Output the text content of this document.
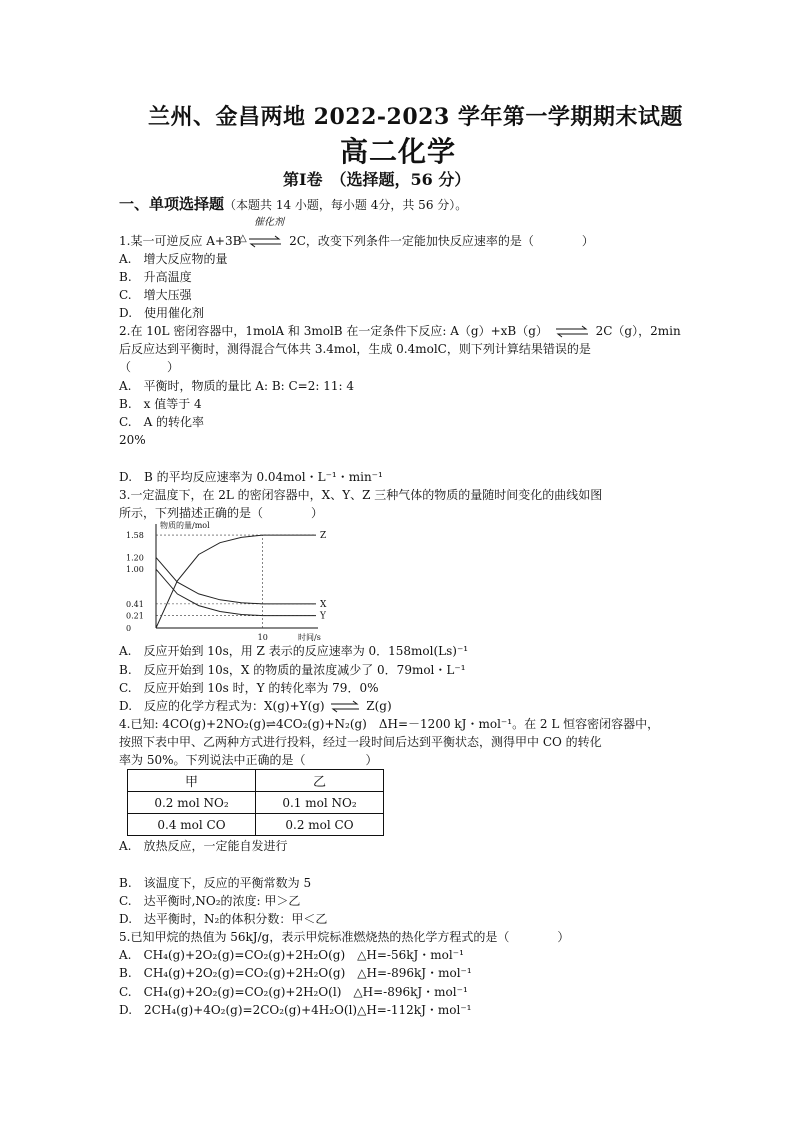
兰州、金昌两地 2022-2023 学年第一学期期末试题
高二化学
第Ⅰ卷　（选择题，56 分）
一、单项选择题（本题共 14 小题，每小题 4分，共 56 分）。
催化剂
1.某一可逆反应 A+3B ⇌ 2C，改变下列条件一定能加快反应速率的是（　　　　）
△
A.　增大反应物的量
B.　升高温度
C.　增大压强
D.　使用催化剂
2.在 10L 密闭容器中，1molA 和 3molB 在一定条件下反应: A（g）+xB（g） ⇌ 2C（g），2min
后反应达到平衡时，测得混合气体共 3.4mol，生成 0.4molC，则下列计算结果错误的是
（　　　）
A.　平衡时，物质的量比 A: B: C=2: 11: 4
B.　x 值等于 4
C.　A 的转化率
20%
D.　B 的平均反应速率为 0.04mol・L⁻¹・min⁻¹
3.一定温度下，在 2L 的密闭容器中，X、Y、Z 三种气体的物质的量随时间变化的曲线如图
所示，下列描述正确的是（　　　　）
物质的量/mol
时间/s
1.58
1.20
1.00
0.41
0.21
0
10
Z
X
Y
A.　反应开始到 10s，用 Z 表示的反应速率为 0．158mol(Ls)⁻¹
B.　反应开始到 10s，X 的物质的量浓度减少了 0．79mol・L⁻¹
C.　反应开始到 10s 时，Y 的转化率为 79．0%
D.　反应的化学方程式为：X(g)+Y(g) ⇌ Z(g)
4.已知: 4CO(g)+2NO₂(g)⇌4CO₂(g)+N₂(g)　ΔH=－1200 kJ・mol⁻¹。在 2 L 恒容密闭容器中，
按照下表中甲、乙两种方式进行投料，经过一段时间后达到平衡状态，测得甲中 CO 的转化
率为 50%。下列说法中正确的是（　　　　　）
甲	乙
0.2 mol NO₂	0.1 mol NO₂
0.4 mol CO	0.2 mol CO
A.　放热反应，一定能自发进行
B.　该温度下，反应的平衡常数为 5
C.　达平衡时,NO₂的浓度: 甲＞乙
D.　达平衡时，N₂的体积分数：甲＜乙
5.已知甲烷的热值为 56kJ/g，表示甲烷标准燃烧热的热化学方程式的是（　　　　）
A.　CH₄(g)+2O₂(g)=CO₂(g)+2H₂O(g)　△H=-56kJ・mol⁻¹
B.　CH₄(g)+2O₂(g)=CO₂(g)+2H₂O(g)　△H=-896kJ・mol⁻¹
C.　CH₄(g)+2O₂(g)=CO₂(g)+2H₂O(l)　△H=-896kJ・mol⁻¹
D.　2CH₄(g)+4O₂(g)=2CO₂(g)+4H₂O(l)△H=-112kJ・mol⁻¹
